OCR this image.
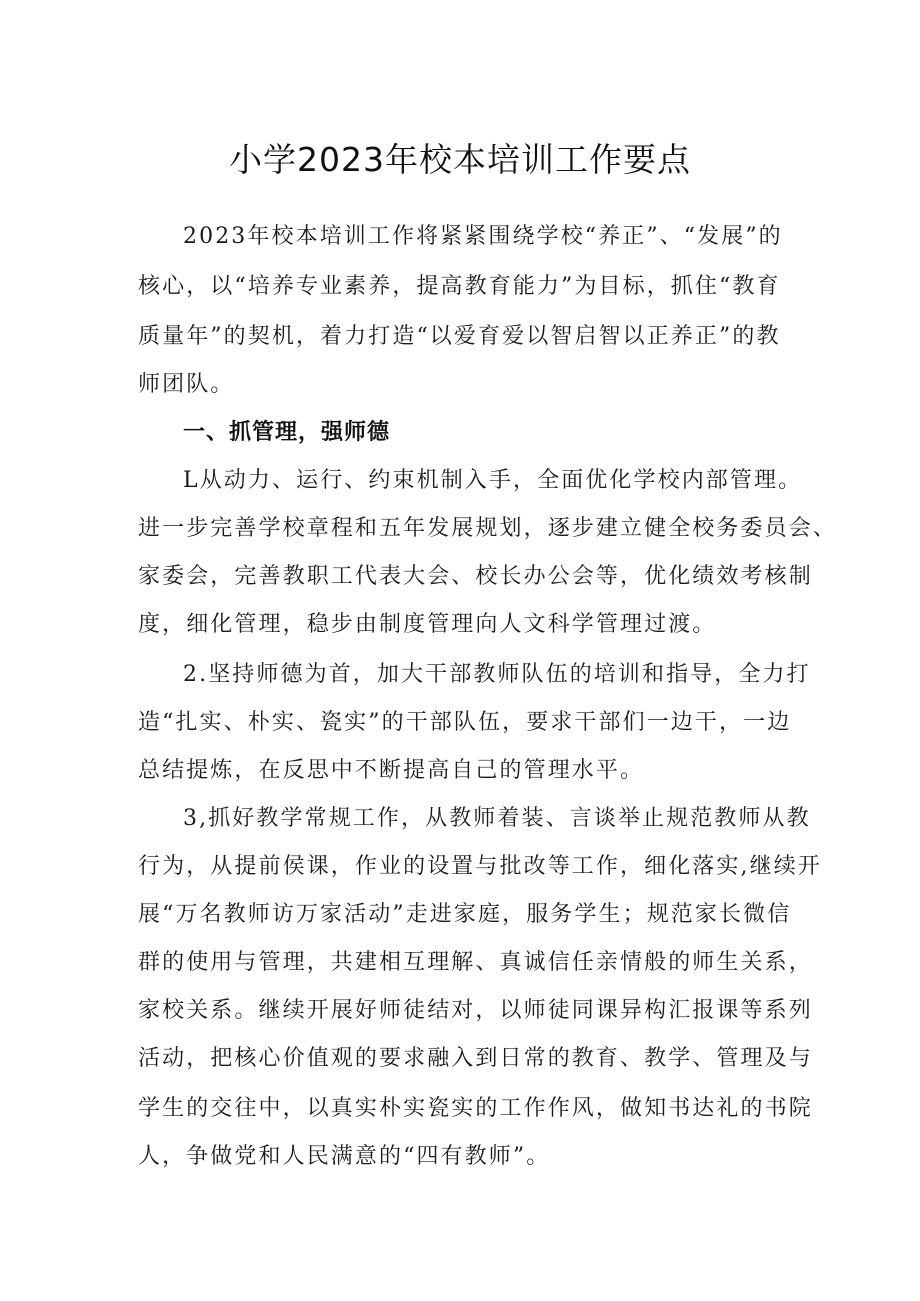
小学2023年校本培训工作要点
2023年校本培训工作将紧紧围绕学校“养正”、“发展”的
核心，以“培养专业素养，提高教育能力”为目标，抓住“教育
质量年”的契机，着力打造“以爱育爱以智启智以正养正”的教
师团队。
一、抓管理，强师德
L从动力、运行、约束机制入手，全面优化学校内部管理。
进一步完善学校章程和五年发展规划，逐步建立健全校务委员会、
家委会，完善教职工代表大会、校长办公会等，优化绩效考核制
度，细化管理，稳步由制度管理向人文科学管理过渡。
2.坚持师德为首，加大干部教师队伍的培训和指导，全力打
造“扎实、朴实、瓷实”的干部队伍，要求干部们一边干，一边
总结提炼，在反思中不断提高自己的管理水平。
3,抓好教学常规工作，从教师着装、言谈举止规范教师从教
行为，从提前侯课，作业的设置与批改等工作，细化落实,继续开
展“万名教师访万家活动”走进家庭，服务学生；规范家长微信
群的使用与管理，共建相互理解、真诚信任亲情般的师生关系，
家校关系。继续开展好师徒结对，以师徒同课异构汇报课等系列
活动，把核心价值观的要求融入到日常的教育、教学、管理及与
学生的交往中，以真实朴实瓷实的工作作风，做知书达礼的书院
人，争做党和人民满意的“四有教师”。
